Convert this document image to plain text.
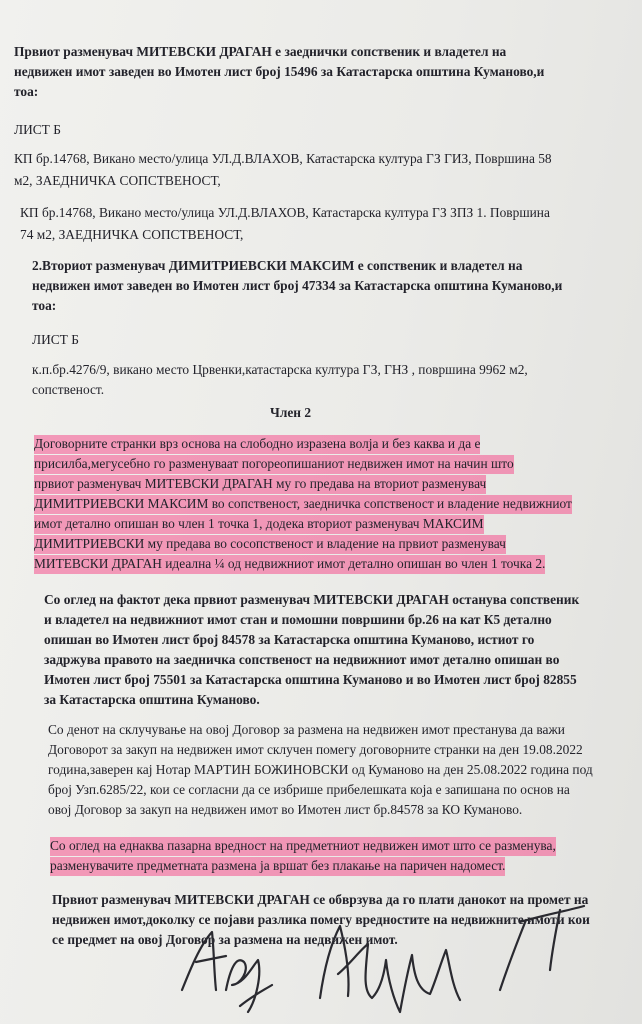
Првиот разменувач МИТЕВСКИ ДРАГАН е заеднички сопственик и владетел на
недвижен имот заведен во Имотен лист број 15496 за Катастарска општина Куманово,и
тоа:
ЛИСТ Б
КП бр.14768, Викано место/улица УЛ.Д.ВЛАХОВ, Катастарска култура ГЗ ГИЗ, Површина 58
м2, ЗАЕДНИЧКА СОПСТВЕНОСТ,
КП бр.14768, Викано место/улица УЛ.Д.ВЛАХОВ, Катастарска култура ГЗ ЗПЗ 1. Површина
74 м2, ЗАЕДНИЧКА СОПСТВЕНОСТ,
2.Вториот разменувач ДИМИТРИЕВСКИ МАКСИМ е сопственик и владетел на
недвижен имот заведен во Имотен лист број 47334 за Катастарска општина Куманово,и
тоа:
ЛИСТ Б
к.п.бр.4276/9, викано место Црвенки,катастарска култура ГЗ, ГНЗ , површина 9962 м2,
сопственост.
Член 2
Договорните странки врз основа на слободно изразена волја и без каква и да е
присилба,мегусебно го разменуваат погореопишаниот недвижен имот на начин што
првиот разменувач МИТЕВСКИ ДРАГАН му го предава на вториот разменувач
ДИМИТРИЕВСКИ МАКСИМ во сопственост, заедничка сопственост и владение недвижниот
имот детално опишан во член 1 точка 1, додека вториот разменувач МАКСИМ
ДИМИТРИЕВСКИ му предава во сосопственост и владение на првиот разменувач
МИТЕВСКИ ДРАГАН идеална ¼ од недвижниот имот детално опишан во член 1 точка 2.
Со оглед на фактот дека првиот разменувач МИТЕВСКИ ДРАГАН останува сопственик
и владетел на недвижниот имот стан и помошни површини бр.26 на кат К5 детално
опишан во Имотен лист број 84578 за Катастарска општина Куманово, истиот го
задржува правото на заедничка сопственост на недвижниот имот детално опишан во
Имотен лист број 75501 за Катастарска општина Куманово и во Имотен лист број 82855
за Катастарска општина Куманово.
Со денот на склучување на овој Договор за размена на недвижен имот престанува да важи
Договорот за закуп на недвижен имот склучен помегу договорните странки на ден 19.08.2022
година,заверен кај Нотар МАРТИН БОЖИНОВСКИ од Куманово на ден 25.08.2022 година под
број Узп.6285/22, кои се согласни да се избрише прибелешката која е запишана по основ на
овој Договор за закуп на недвижен имот во Имотен лист бр.84578 за КО Куманово.
Со оглед на еднаква пазарна вредност на предметниот недвижен имот што се разменува,
разменувачите предметната размена ја вршат без плакање на паричен надомест.
Првиот разменувач МИТЕВСКИ ДРАГАН се обврзува да го плати данокот на промет на
недвижен имот,доколку се појави разлика помегу вредностите на недвижните имоти кои
се предмет на овој Договор за размена на недвижен имот.
